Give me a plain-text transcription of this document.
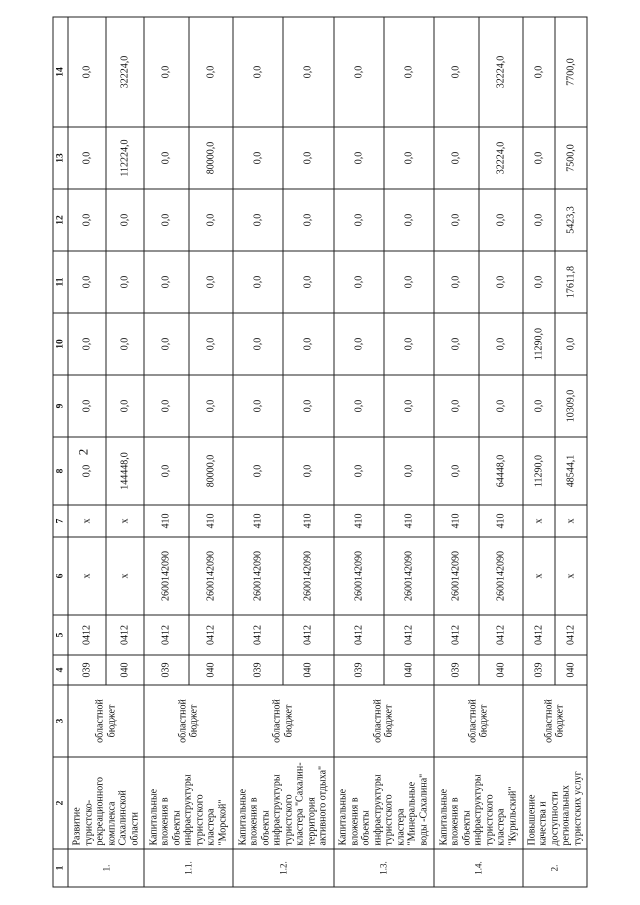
2
1	2	3	4	5	6	7	8	9	10	11	12	13	14
1.	Развитие туристско-рекреационного комплекса Сахалинской области	областной бюджет	039	0412	x	x	0,0	0,0	0,0	0,0	0,0	0,0	0,0
			040	0412	x	x	144448,0	0,0	0,0	0,0	0,0	112224,0	32224,0
1.1.	Капитальные вложения в объекты инфраструктуры туристского кластера "Морской"	областной бюджет	039	0412	2600142090	410	0,0	0,0	0,0	0,0	0,0	0,0	0,0
			040	0412	2600142090	410	80000,0	0,0	0,0	0,0	0,0	80000,0	0,0
1.2.	Капитальные вложения в объекты инфраструктуры туристского кластера "Сахалин-территория активного отдыха"	областной бюджет	039	0412	2600142090	410	0,0	0,0	0,0	0,0	0,0	0,0	0,0
			040	0412	2600142090	410	0,0	0,0	0,0	0,0	0,0	0,0	0,0
1.3.	Капитальные вложения в объекты инфраструктуры туристского кластера "Минеральные воды -Сахалина"	областной бюджет	039	0412	2600142090	410	0,0	0,0	0,0	0,0	0,0	0,0	0,0
			040	0412	2600142090	410	0,0	0,0	0,0	0,0	0,0	0,0	0,0
1.4.	Капитальные вложения в объекты инфраструктуры туристского кластера "Курильский"	областной бюджет	039	0412	2600142090	410	0,0	0,0	0,0	0,0	0,0	0,0	0,0
			040	0412	2600142090	410	64448,0	0,0	0,0	0,0	0,0	32224,0	32224,0
2.	Повышение качества и доступности региональных туристских услуг	областной бюджет	039	0412	x	x	11290,0	0,0	11290,0	0,0	0,0	0,0	0,0
			040	0412	x	x	48544,1	10309,0	0,0	17611,8	5423,3	7500,0	7700,0
